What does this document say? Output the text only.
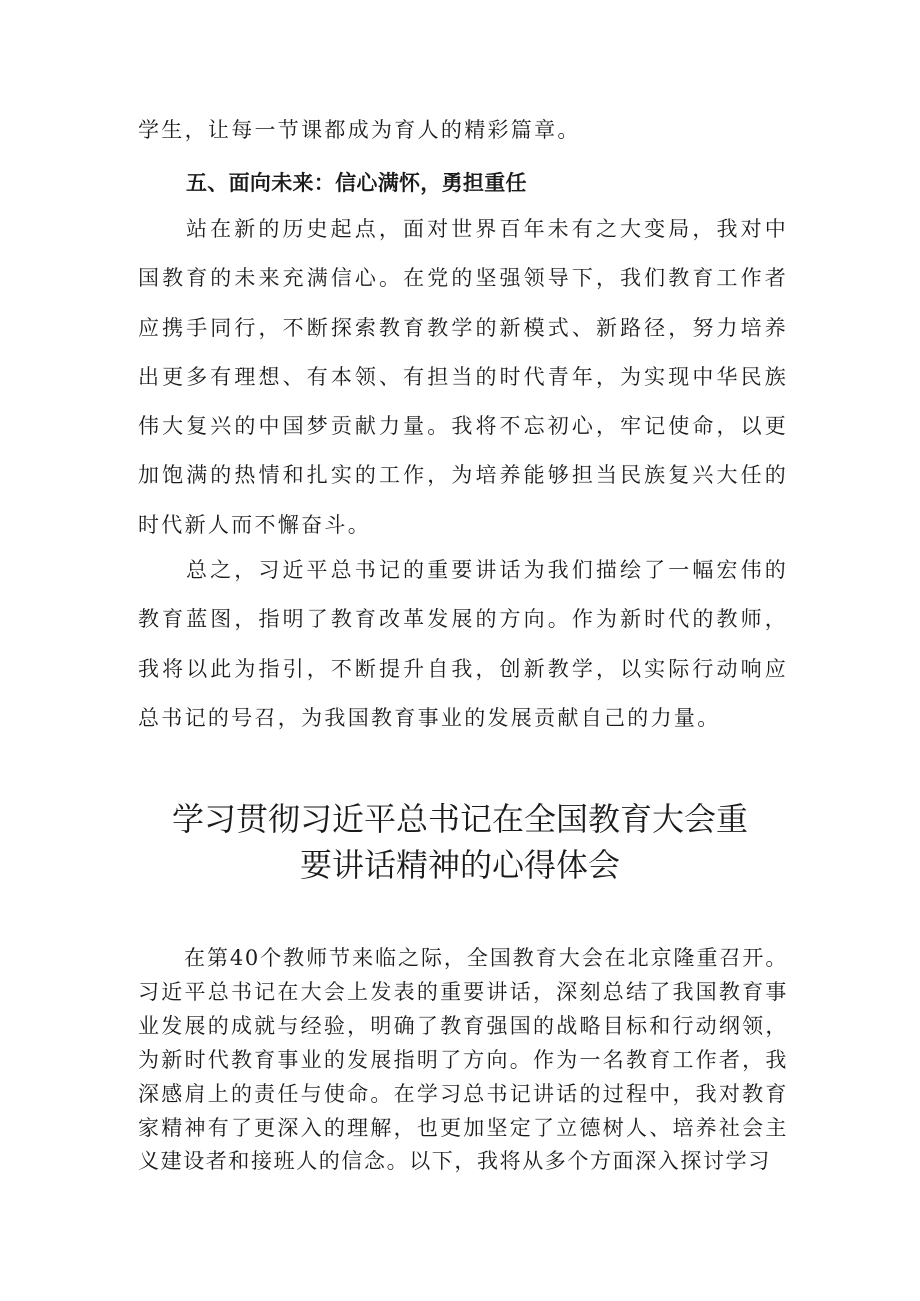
学生，让每一节课都成为育人的精彩篇章。

五、面向未来：信心满怀，勇担重任

站在新的历史起点，面对世界百年未有之大变局，我对中国教育的未来充满信心。在党的坚强领导下，我们教育工作者应携手同行，不断探索教育教学的新模式、新路径，努力培养出更多有理想、有本领、有担当的时代青年，为实现中华民族伟大复兴的中国梦贡献力量。我将不忘初心，牢记使命，以更加饱满的热情和扎实的工作，为培养能够担当民族复兴大任的时代新人而不懈奋斗。

总之，习近平总书记的重要讲话为我们描绘了一幅宏伟的教育蓝图，指明了教育改革发展的方向。作为新时代的教师，我将以此为指引，不断提升自我，创新教学，以实际行动响应总书记的号召，为我国教育事业的发展贡献自己的力量。

学习贯彻习近平总书记在全国教育大会重
要讲话精神的心得体会

在第40个教师节来临之际，全国教育大会在北京隆重召开。习近平总书记在大会上发表的重要讲话，深刻总结了我国教育事业发展的成就与经验，明确了教育强国的战略目标和行动纲领，为新时代教育事业的发展指明了方向。作为一名教育工作者，我深感肩上的责任与使命。在学习总书记讲话的过程中，我对教育家精神有了更深入的理解，也更加坚定了立德树人、培养社会主义建设者和接班人的信念。以下，我将从多个方面深入探讨学习
